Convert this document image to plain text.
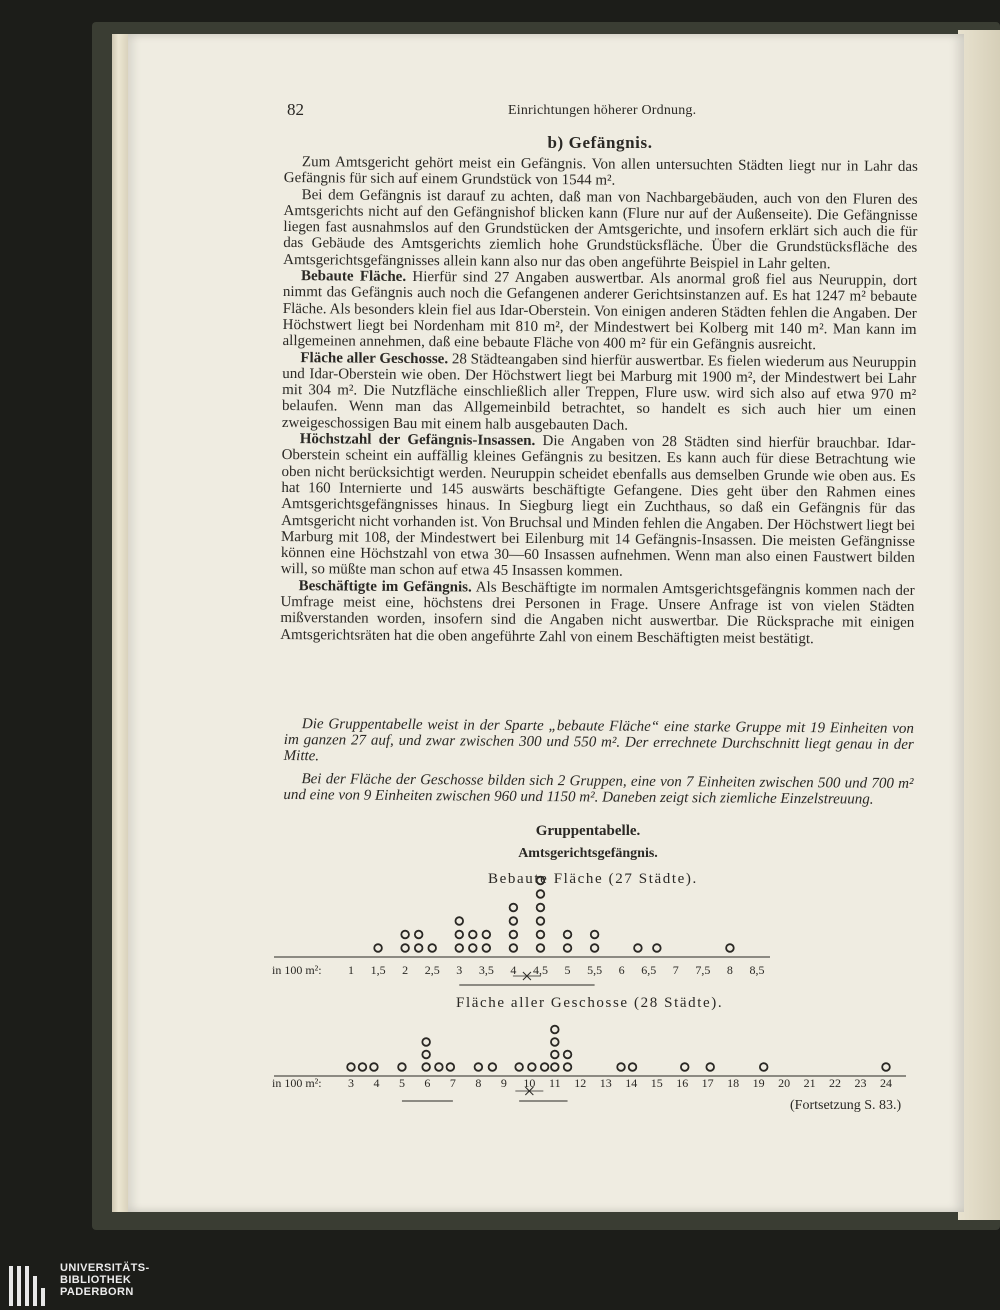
82	Einrichtungen höherer Ordnung.
b) Gefängnis.

Zum Amtsgericht gehört meist ein Gefängnis. Von allen untersuchten Städten liegt nur in Lahr das Gefängnis für sich auf einem Grundstück von 1544 m².

Bei dem Gefängnis ist darauf zu achten, daß man von Nachbargebäuden, auch von den Fluren des Amtsgerichts nicht auf den Gefängnishof blicken kann (Flure nur auf der Außenseite). Die Gefängnisse liegen fast ausnahmslos auf den Grundstücken der Amtsgerichte, und insofern erklärt sich auch die für das Gebäude des Amtsgerichts ziemlich hohe Grundstücksfläche. Über die Grundstücksfläche des Amtsgerichtsgefängnisses allein kann also nur das oben angeführte Beispiel in Lahr gelten.

Bebaute Fläche. Hierfür sind 27 Angaben auswertbar. Als anormal groß fiel aus Neuruppin, dort nimmt das Gefängnis auch noch die Gefangenen anderer Gerichtsinstanzen auf. Es hat 1247 m² bebaute Fläche. Als besonders klein fiel aus Idar-Oberstein. Von einigen anderen Städten fehlen die Angaben. Der Höchstwert liegt bei Nordenham mit 810 m², der Mindestwert bei Kolberg mit 140 m². Man kann im allgemeinen annehmen, daß eine bebaute Fläche von 400 m² für ein Gefängnis ausreicht.

Fläche aller Geschosse. 28 Städteangaben sind hierfür auswertbar. Es fielen wiederum aus Neuruppin und Idar-Oberstein wie oben. Der Höchstwert liegt bei Marburg mit 1900 m², der Mindestwert bei Lahr mit 304 m². Die Nutzfläche einschließlich aller Treppen, Flure usw. wird sich also auf etwa 970 m² belaufen. Wenn man das Allgemeinbild betrachtet, so handelt es sich auch hier um einen zweigeschossigen Bau mit einem halb ausgebauten Dach.

Höchstzahl der Gefängnis-Insassen. Die Angaben von 28 Städten sind hierfür brauchbar. Idar-Oberstein scheint ein auffällig kleines Gefängnis zu besitzen. Es kann auch für diese Betrachtung wie oben nicht berücksichtigt werden. Neuruppin scheidet ebenfalls aus demselben Grunde wie oben aus. Es hat 160 Internierte und 145 auswärts beschäftigte Gefangene. Dies geht über den Rahmen eines Amtsgerichtsgefängnisses hinaus. In Siegburg liegt ein Zuchthaus, so daß ein Gefängnis für das Amtsgericht nicht vorhanden ist. Von Bruchsal und Minden fehlen die Angaben. Der Höchstwert liegt bei Marburg mit 108, der Mindestwert bei Eilenburg mit 14 Gefängnis-Insassen. Die meisten Gefängnisse können eine Höchstzahl von etwa 30—60 Insassen aufnehmen. Wenn man also einen Faustwert bilden will, so müßte man schon auf etwa 45 Insassen kommen.

Beschäftigte im Gefängnis. Als Beschäftigte im normalen Amtsgerichtsgefängnis kommen nach der Umfrage meist eine, höchstens drei Personen in Frage. Unsere Anfrage ist von vielen Städten mißverstanden worden, insofern sind die Angaben nicht auswertbar. Die Rücksprache mit einigen Amtsgerichtsräten hat die oben angeführte Zahl von einem Beschäftigten meist bestätigt.

Die Gruppentabelle weist in der Sparte „bebaute Fläche“ eine starke Gruppe mit 19 Einheiten von im ganzen 27 auf, und zwar zwischen 300 und 550 m². Der errechnete Durchschnitt liegt genau in der Mitte.

Bei der Fläche der Geschosse bilden sich 2 Gruppen, eine von 7 Einheiten zwischen 500 und 700 m² und eine von 9 Einheiten zwischen 960 und 1150 m². Daneben zeigt sich ziemliche Einzelstreuung.

Gruppentabelle.
Amtsgerichtsgefängnis.
Bebaute Fläche (27 Städte).
Fläche aller Geschosse (28 Städte).
in 100 m²: 1 1,5 2 2,5 3 3,5 4 4,5 5 5,5 6 6,5 7 7,5 8 8,5
in 100 m²: 3 4 5 6 7 8 9 10 11 12 13 14 15 16 17 18 19 20 21 22 23 24
(Fortsetzung S. 83.)
UNIVERSITÄTS-
BIBLIOTHEK
PADERBORN
